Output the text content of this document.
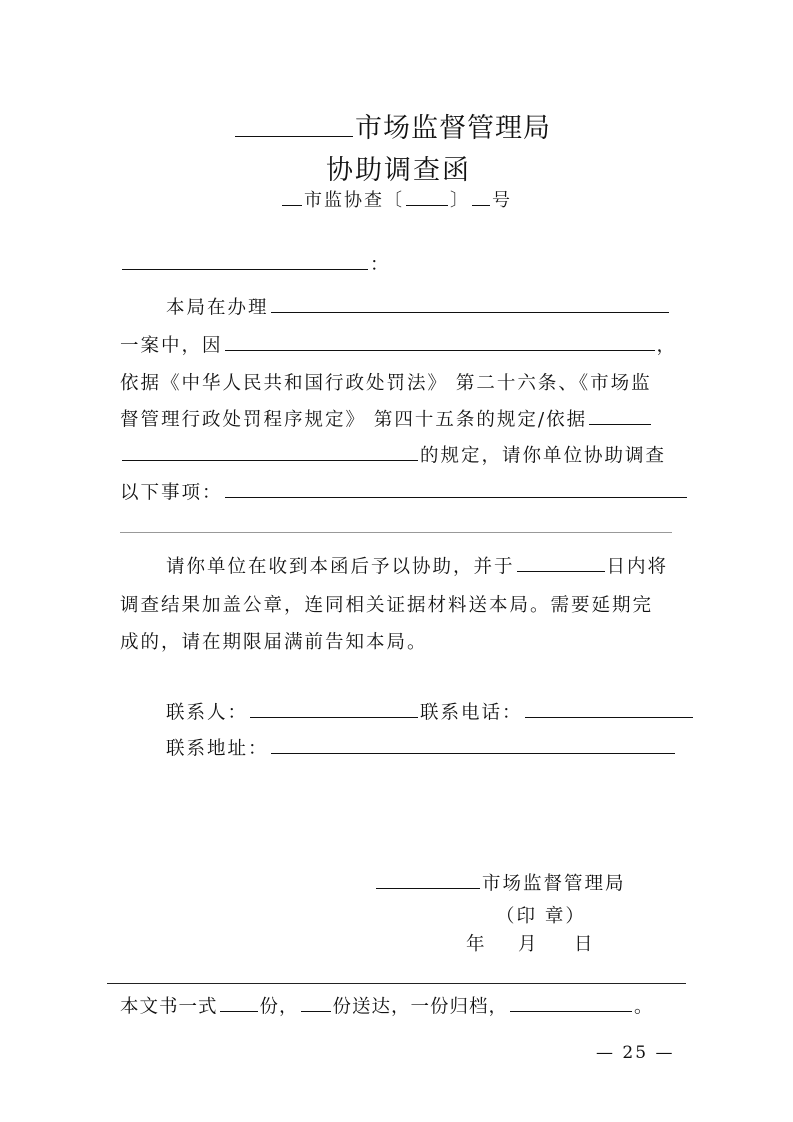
市场监督管理局
协助调查函
市监协查〔	〕 号
：
本局在办理
一案中，因	，
依据《中华人民共和国行政处罚法》 第二十六条、《市场监
督管理行政处罚程序规定》 第四十五条的规定/依据
的规定，请你单位协助调查
以下事项：
请你单位在收到本函后予以协助，并于	日内将
调查结果加盖公章，连同相关证据材料送本局。需要延期完
成的，请在期限届满前告知本局。
联系人：	联系电话：
联系地址：
市场监督管理局
（印 章）
年 月 日
本文书一式 份， 份送达，一份归档，	。
— 25 —
